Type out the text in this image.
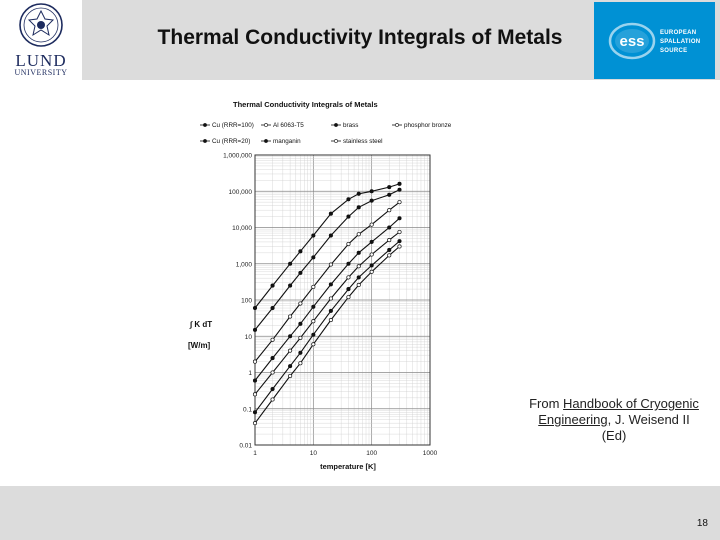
LUND
UNIVERSITY
Thermal Conductivity Integrals of Metals	ess	EUROPEAN
SPALLATION
SOURCE
Thermal Conductivity Integrals of Metals
Cu (RRR=100)	Al 6063-T5	brass	phosphor bronze
Cu (RRR=20)	manganin	stainless steel
0.01
0.1
1
10
100
1,000
10,000
100,000
1,000,000
1	10	100	1000
∫ K dT
[W/m]
temperature [K]
From Handbook of Cryogenic
Engineering, J. Weisend II
(Ed)
18
